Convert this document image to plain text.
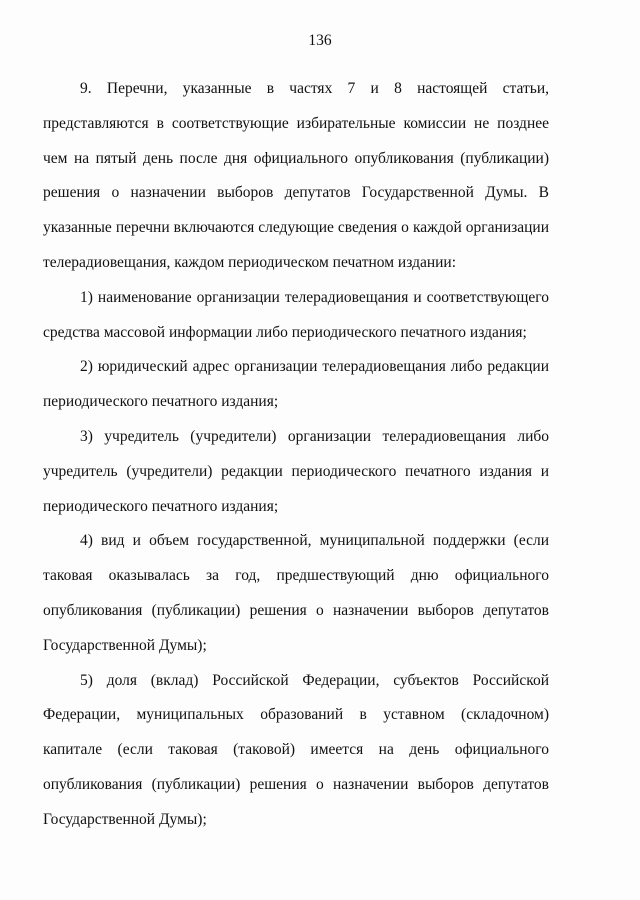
136

9. Перечни, указанные в частях 7 и 8 настоящей статьи, представляются в соответствующие избирательные комиссии не позднее чем на пятый день после дня официального опубликования (публикации) решения о назначении выборов депутатов Государственной Думы. В указанные перечни включаются следующие сведения о каждой организации телерадиовещания, каждом периодическом печатном издании:

1) наименование организации телерадиовещания и соответствующего средства массовой информации либо периодического печатного издания;

2) юридический адрес организации телерадиовещания либо редакции периодического печатного издания;

3) учредитель (учредители) организации телерадиовещания либо учредитель (учредители) редакции периодического печатного издания и периодического печатного издания;

4) вид и объем государственной, муниципальной поддержки (если таковая оказывалась за год, предшествующий дню официального опубликования (публикации) решения о назначении выборов депутатов Государственной Думы);

5) доля (вклад) Российской Федерации, субъектов Российской Федерации, муниципальных образований в уставном (складочном) капитале (если таковая (таковой) имеется на день официального опубликования (публикации) решения о назначении выборов депутатов Государственной Думы);
